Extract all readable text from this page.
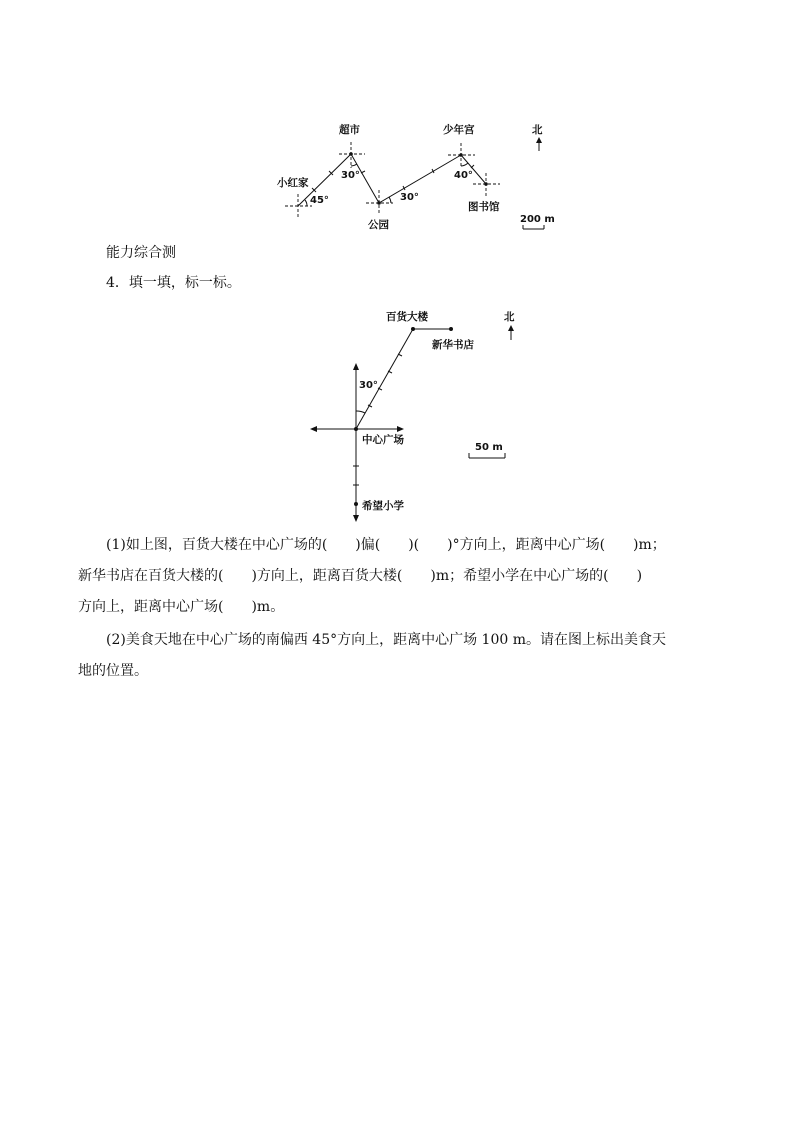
超市	少年宫	北
小红家
30°
30°
40°
45°
公园
图书馆
200 m
能力综合测
4．填一填，标一标。
百货大楼
新华书店
北
30°
中心广场
50 m
希望小学
(1)如上图，百货大楼在中心广场的(　　)偏(　　)(　　)°方向上，距离中心广场(　　)m；
新华书店在百货大楼的(　　)方向上，距离百货大楼(　　)m；希望小学在中心广场的(　　)
方向上，距离中心广场(　　)m。
(2)美食天地在中心广场的南偏西 45°方向上，距离中心广场 100 m。请在图上标出美食天
地的位置。
